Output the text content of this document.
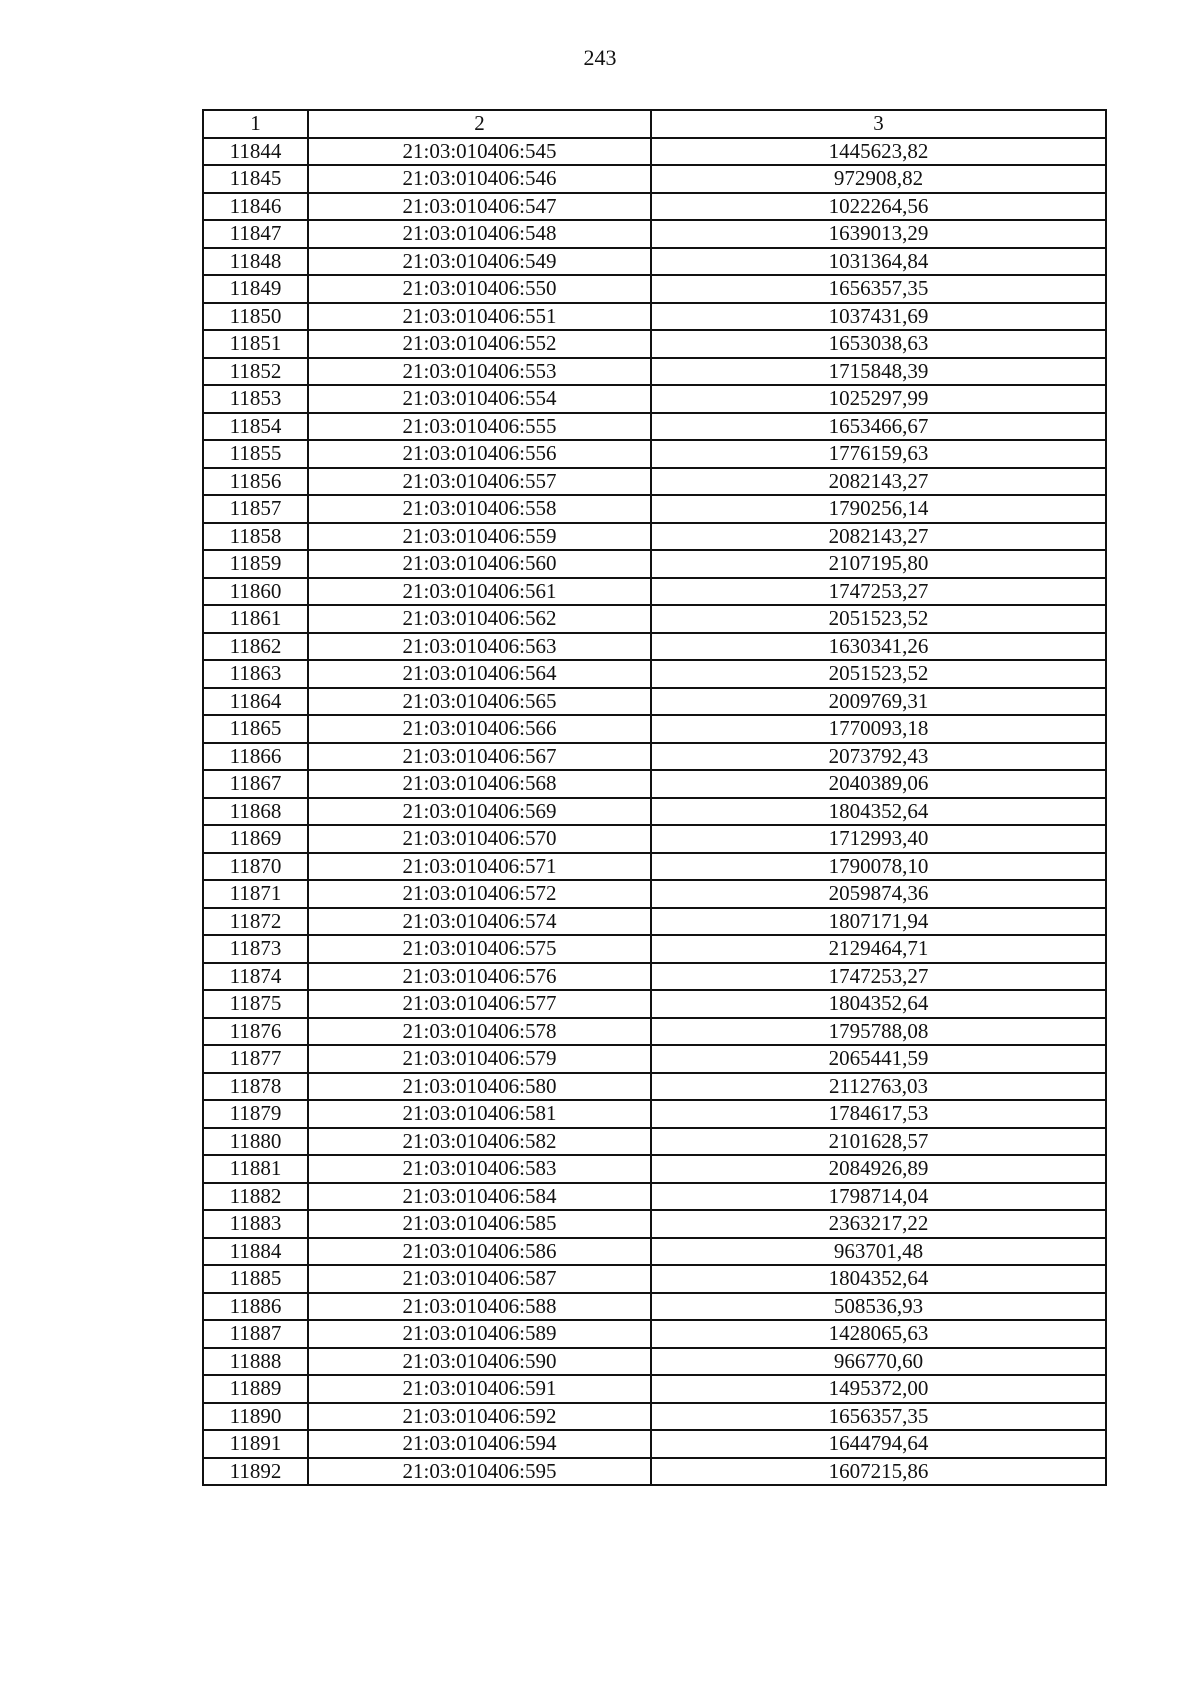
243
1	2	3
11844	21:03:010406:545	1445623,82
11845	21:03:010406:546	972908,82
11846	21:03:010406:547	1022264,56
11847	21:03:010406:548	1639013,29
11848	21:03:010406:549	1031364,84
11849	21:03:010406:550	1656357,35
11850	21:03:010406:551	1037431,69
11851	21:03:010406:552	1653038,63
11852	21:03:010406:553	1715848,39
11853	21:03:010406:554	1025297,99
11854	21:03:010406:555	1653466,67
11855	21:03:010406:556	1776159,63
11856	21:03:010406:557	2082143,27
11857	21:03:010406:558	1790256,14
11858	21:03:010406:559	2082143,27
11859	21:03:010406:560	2107195,80
11860	21:03:010406:561	1747253,27
11861	21:03:010406:562	2051523,52
11862	21:03:010406:563	1630341,26
11863	21:03:010406:564	2051523,52
11864	21:03:010406:565	2009769,31
11865	21:03:010406:566	1770093,18
11866	21:03:010406:567	2073792,43
11867	21:03:010406:568	2040389,06
11868	21:03:010406:569	1804352,64
11869	21:03:010406:570	1712993,40
11870	21:03:010406:571	1790078,10
11871	21:03:010406:572	2059874,36
11872	21:03:010406:574	1807171,94
11873	21:03:010406:575	2129464,71
11874	21:03:010406:576	1747253,27
11875	21:03:010406:577	1804352,64
11876	21:03:010406:578	1795788,08
11877	21:03:010406:579	2065441,59
11878	21:03:010406:580	2112763,03
11879	21:03:010406:581	1784617,53
11880	21:03:010406:582	2101628,57
11881	21:03:010406:583	2084926,89
11882	21:03:010406:584	1798714,04
11883	21:03:010406:585	2363217,22
11884	21:03:010406:586	963701,48
11885	21:03:010406:587	1804352,64
11886	21:03:010406:588	508536,93
11887	21:03:010406:589	1428065,63
11888	21:03:010406:590	966770,60
11889	21:03:010406:591	1495372,00
11890	21:03:010406:592	1656357,35
11891	21:03:010406:594	1644794,64
11892	21:03:010406:595	1607215,86
